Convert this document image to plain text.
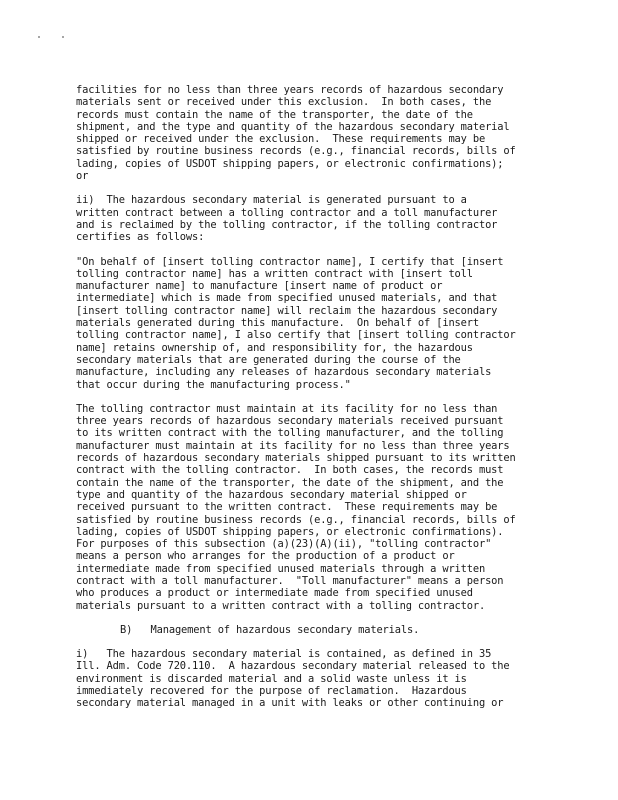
facilities for no less than three years records of hazardous secondary
materials sent or received under this exclusion.  In both cases, the
records must contain the name of the transporter, the date of the
shipment, and the type and quantity of the hazardous secondary material
shipped or received under the exclusion.  These requirements may be
satisfied by routine business records (e.g., financial records, bills of
lading, copies of USDOT shipping papers, or electronic confirmations);
or
ii)  The hazardous secondary material is generated pursuant to a
written contract between a tolling contractor and a toll manufacturer
and is reclaimed by the tolling contractor, if the tolling contractor
certifies as follows:
"On behalf of [insert tolling contractor name], I certify that [insert
tolling contractor name] has a written contract with [insert toll
manufacturer name] to manufacture [insert name of product or
intermediate] which is made from specified unused materials, and that
[insert tolling contractor name] will reclaim the hazardous secondary
materials generated during this manufacture.  On behalf of [insert
tolling contractor name], I also certify that [insert tolling contractor
name] retains ownership of, and responsibility for, the hazardous
secondary materials that are generated during the course of the
manufacture, including any releases of hazardous secondary materials
that occur during the manufacturing process."
The tolling contractor must maintain at its facility for no less than
three years records of hazardous secondary materials received pursuant
to its written contract with the tolling manufacturer, and the tolling
manufacturer must maintain at its facility for no less than three years
records of hazardous secondary materials shipped pursuant to its written
contract with the tolling contractor.  In both cases, the records must
contain the name of the transporter, the date of the shipment, and the
type and quantity of the hazardous secondary material shipped or
received pursuant to the written contract.  These requirements may be
satisfied by routine business records (e.g., financial records, bills of
lading, copies of USDOT shipping papers, or electronic confirmations).
For purposes of this subsection (a)(23)(A)(ii), "tolling contractor"
means a person who arranges for the production of a product or
intermediate made from specified unused materials through a written
contract with a toll manufacturer.  "Toll manufacturer" means a person
who produces a product or intermediate made from specified unused
materials pursuant to a written contract with a tolling contractor.
B)   Management of hazardous secondary materials.
i)   The hazardous secondary material is contained, as defined in 35
Ill. Adm. Code 720.110.  A hazardous secondary material released to the
environment is discarded material and a solid waste unless it is
immediately recovered for the purpose of reclamation.  Hazardous
secondary material managed in a unit with leaks or other continuing or
